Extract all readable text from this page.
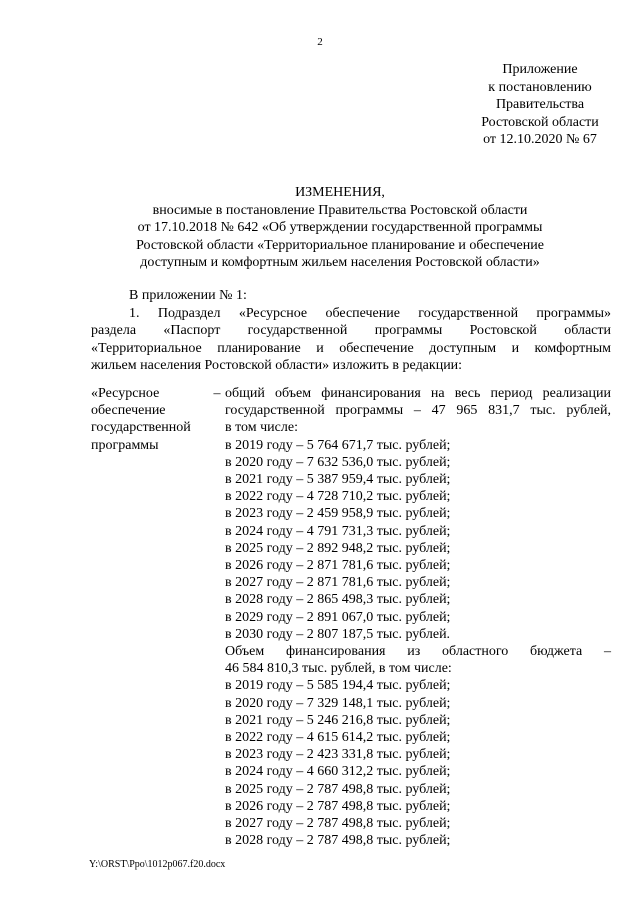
2
Приложение
к постановлению
Правительства
Ростовской области
от 12.10.2020 № 67
ИЗМЕНЕНИЯ,
вносимые в постановление Правительства Ростовской области
от 17.10.2018 № 642 «Об утверждении государственной программы
Ростовской области «Территориальное планирование и обеспечение
доступным и комфортным жильем населения Ростовской области»

В приложении № 1:

1. Подраздел «Ресурсное обеспечение государственной программы»

раздела «Паспорт государственной программы Ростовской области

«Территориальное планирование и обеспечение доступным и комфортным

жильем населения Ростовской области» изложить в редакции:

«Ресурсное
обеспечение
государственной
программы
– общий объем финансирования на весь период реализации
государственной программы – 47 965 831,7 тыс. рублей,
в том числе:
в 2019 году – 5 764 671,7 тыс. рублей;
в 2020 году – 7 632 536,0 тыс. рублей;
в 2021 году – 5 387 959,4 тыс. рублей;
в 2022 году – 4 728 710,2 тыс. рублей;
в 2023 году – 2 459 958,9 тыс. рублей;
в 2024 году – 4 791 731,3 тыс. рублей;
в 2025 году – 2 892 948,2 тыс. рублей;
в 2026 году – 2 871 781,6 тыс. рублей;
в 2027 году – 2 871 781,6 тыс. рублей;
в 2028 году – 2 865 498,3 тыс. рублей;
в 2029 году – 2 891 067,0 тыс. рублей;
в 2030 году – 2 807 187,5 тыс. рублей.
Объем финансирования из областного бюджета –
46 584 810,3 тыс. рублей, в том числе:
в 2019 году – 5 585 194,4 тыс. рублей;
в 2020 году – 7 329 148,1 тыс. рублей;
в 2021 году – 5 246 216,8 тыс. рублей;
в 2022 году – 4 615 614,2 тыс. рублей;
в 2023 году – 2 423 331,8 тыс. рублей;
в 2024 году – 4 660 312,2 тыс. рублей;
в 2025 году – 2 787 498,8 тыс. рублей;
в 2026 году – 2 787 498,8 тыс. рублей;
в 2027 году – 2 787 498,8 тыс. рублей;
в 2028 году – 2 787 498,8 тыс. рублей;
Y:\ORST\Ppo\1012p067.f20.docx
